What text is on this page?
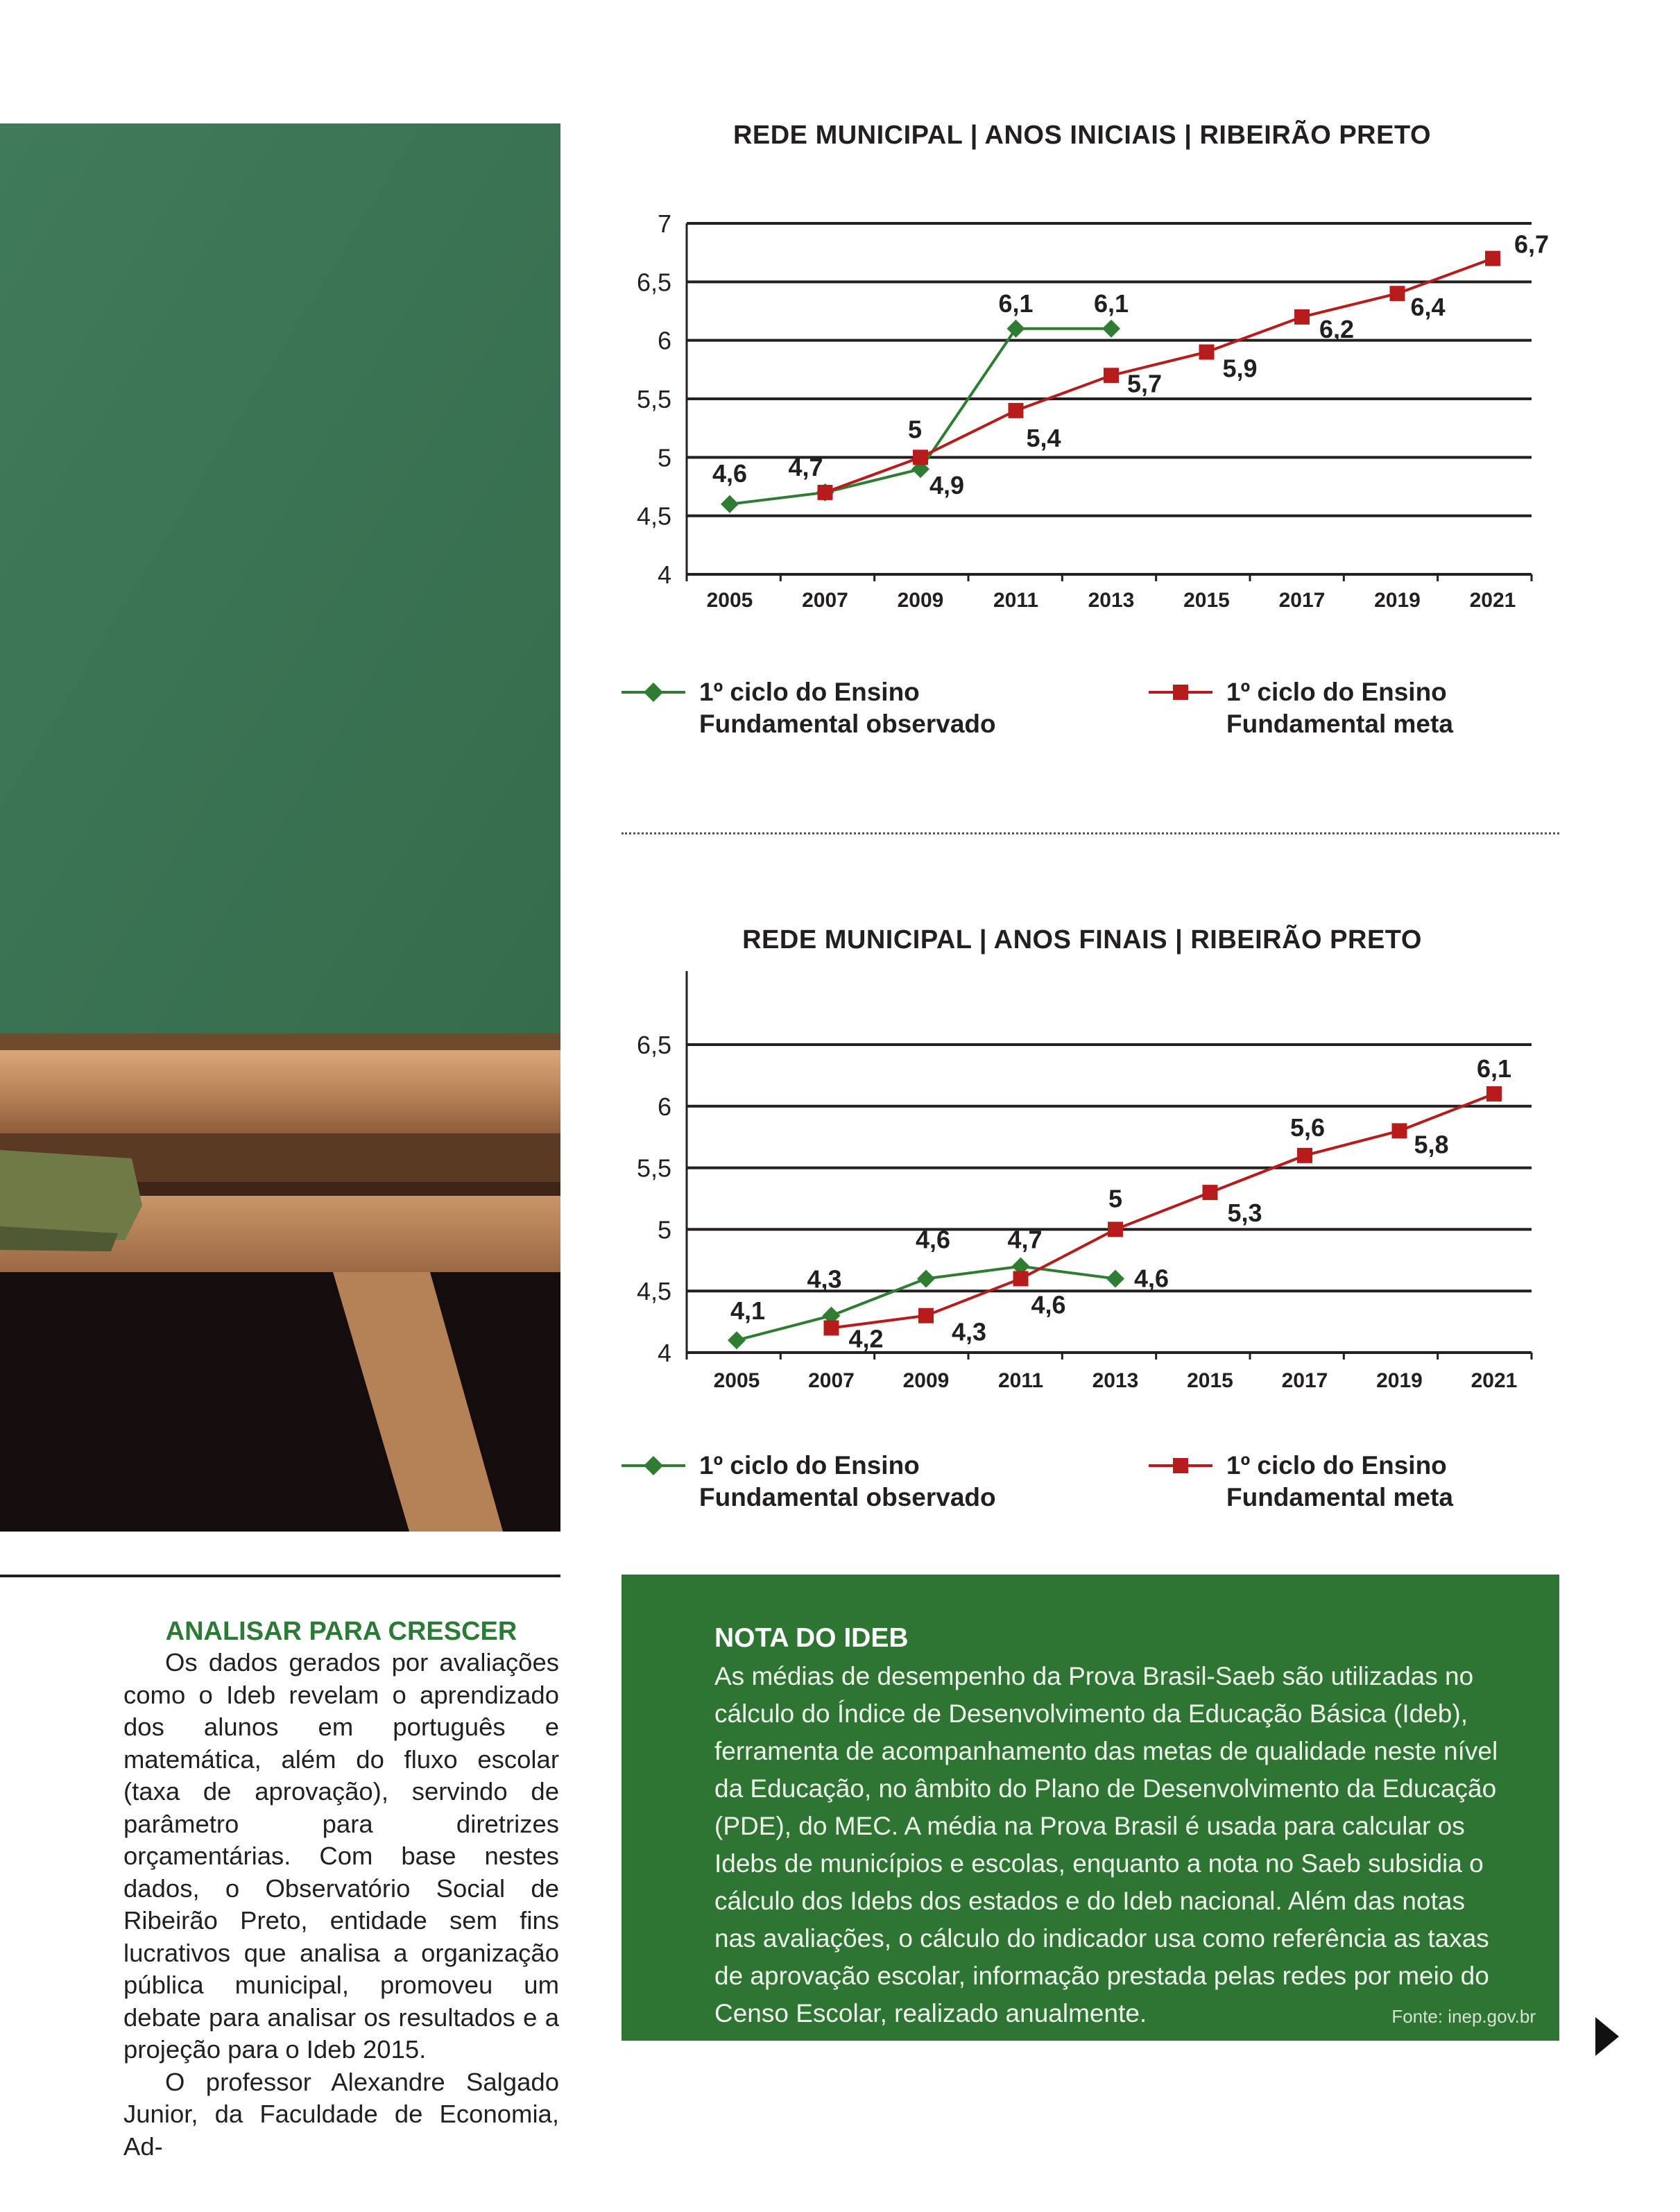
REDE MUNICIPAL | ANOS INICIAIS | RIBEIRÃO PRETO
4
4,5
5
5,5
6
6,5
7
2005 2007 2009 2011 2013 2015 2017 2019 2021
4,6 4,7
4,9
6,1 6,1
5	5,4
5,7
5,9
6,2
6,4
6,7
1º ciclo do Ensino
Fundamental observado
1º ciclo do Ensino
Fundamental meta
REDE MUNICIPAL | ANOS FINAIS | RIBEIRÃO PRETO
4
4,5
5
5,5
6
6,5
2005 2007 2009 2011 2013 2015 2017 2019 2021
4,1
4,3
4,6 4,7
4,6
4,2	4,3
4,6
5
5,3
5,6
5,8
6,1
1º ciclo do Ensino
Fundamental observado
1º ciclo do Ensino
Fundamental meta
ANALISAR PARA CRESCER

Os dados gerados por avaliações como o Ideb revelam o aprendizado dos alunos em português e matemática, além do fluxo escolar (taxa de aprovação), servindo de parâmetro para diretrizes orçamentárias. Com base nestes dados, o Observatório Social de Ribeirão Preto, entidade sem fins lucrativos que analisa a organização pública municipal, promoveu um debate para analisar os resultados e a projeção para o Ideb 2015.

O professor Alexandre Salgado Junior, da Faculdade de Economia, Ad-

NOTA DO IDEB

As médias de desempenho da Prova Brasil-Saeb são utilizadas no cálculo do Índice de Desenvolvimento da Educação Básica (Ideb), ferramenta de acompanhamento das metas de qualidade neste nível da Educação, no âmbito do Plano de Desenvolvimento da Educação (PDE), do MEC. A média na Prova Brasil é usada para calcular os Idebs de municípios e escolas, enquanto a nota no Saeb subsidia o cálculo dos Idebs dos estados e do Ideb nacional. Além das notas nas avaliações, o cálculo do indicador usa como referência as taxas de aprovação escolar, informação prestada pelas redes por meio do Censo Escolar, realizado anualmente.	Fonte: inep.gov.br
